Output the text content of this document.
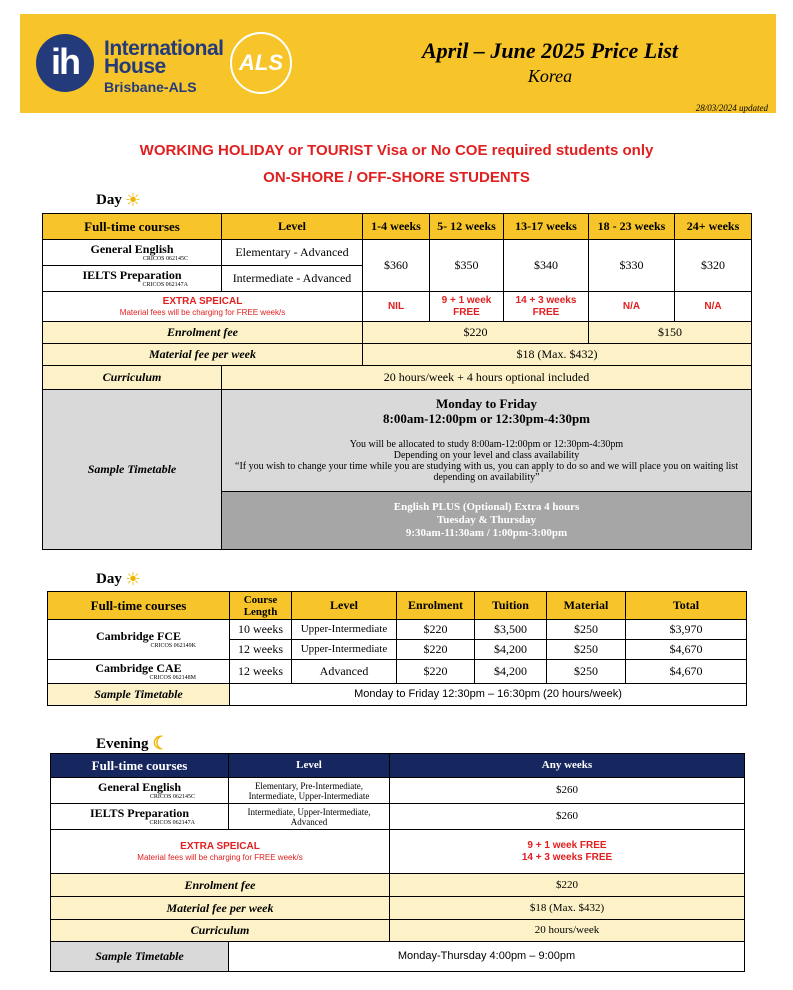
ih	International
House
Brisbane-ALS
ALS	April – June 2025 Price List
Korea
28/03/2024 updated
WORKING HOLIDAY or TOURIST Visa or No COE required students only
ON-SHORE / OFF-SHORE STUDENTS
Day ☀
Full-time courses	Level	1-4 weeks	5- 12 weeks	13-17 weeks	18 - 23 weeks	24+ weeks
General English
CRICOS 062145C	Elementary - Advanced	$360	$350	$340	$330	$320
IELTS Preparation
CRICOS 062147A	Intermediate - Advanced					

EXTRA SPEICAL
Material fees will be charging for FREE week/s		NIL	9 + 1 week FREE	14 + 3 weeks FREE	N/A	N/A
Enrolment fee		$220			$150	
Material fee per week		$18 (Max. $432)				
Curriculum	20 hours/week + 4 hours optional included					
Sample Timetable	Monday to Friday
8:00am-12:00pm or 12:30pm-4:30pm
You will be allocated to study 8:00am-12:00pm or 12:30pm-4:30pm
Depending on your level and class availability
“If you wish to change your time while you are studying with us, you can apply to do so and we will place you on waiting list depending on availability”					

	English PLUS (Optional) Extra 4 hours
Tuesday & Thursday
9:30am-11:30am / 1:00pm-3:00pm					
Day ☀
Full-time courses	Course Length	Level	Enrolment	Tuition	Material	Total
Cambridge FCE
CRICOS 062149K	10 weeks	Upper-Intermediate	$220	$3,500	$250	$3,970
	12 weeks	Upper-Intermediate	$220	$4,200	$250	$4,670
Cambridge CAE
CRICOS 062148M	12 weeks	Advanced	$220	$4,200	$250	$4,670
Sample Timetable	Monday to Friday 12:30pm – 16:30pm (20 hours/week)					
Evening ☾
Full-time courses	Level	Any weeks
General English
CRICOS 062145C	Elementary, Pre-Intermediate, Intermediate, Upper-Intermediate	$260
IELTS Preparation
CRICOS 062147A	Intermediate, Upper-Intermediate, Advanced	$260

EXTRA SPEICAL
Material fees will be charging for FREE week/s		9 + 1 week FREE
14 + 3 weeks FREE

Enrolment fee		$220
Material fee per week		$18 (Max. $432)
Curriculum		20 hours/week
Sample Timetable	Monday-Thursday 4:00pm – 9:00pm	
